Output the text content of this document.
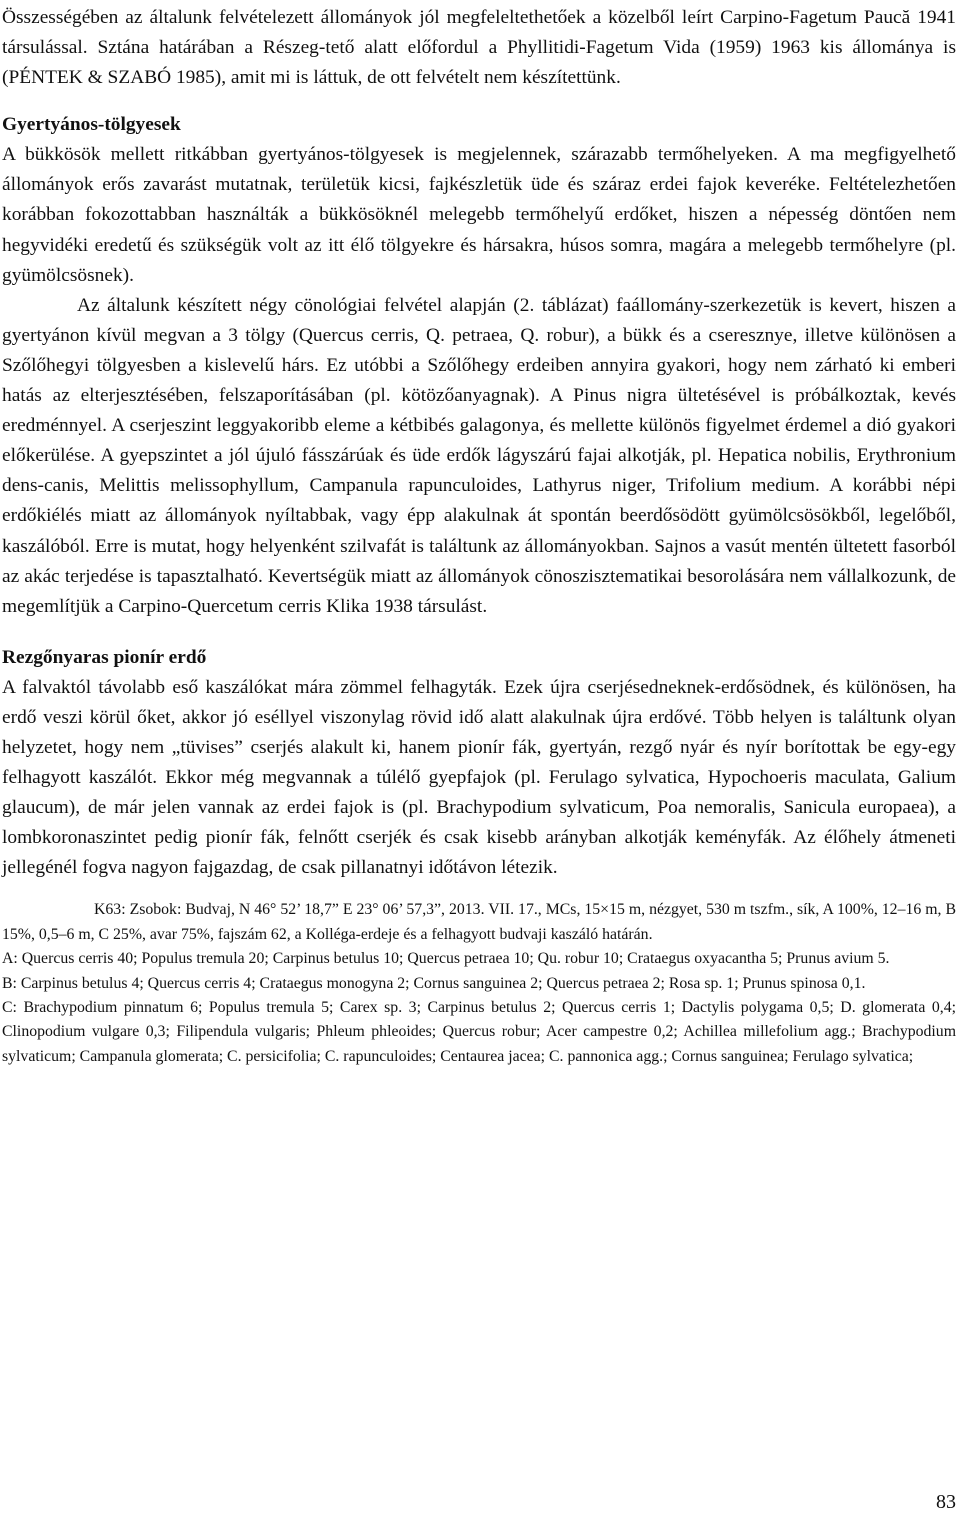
Összességében az általunk felvételezett állományok jól megfeleltethetőek a közelből leírt Carpino-Fagetum Paucă 1941 társulással. Sztána határában a Részeg-tető alatt előfordul a Phyllitidi-Fagetum Vida (1959) 1963 kis állománya is (PÉNTEK & SZABÓ 1985), amit mi is láttuk, de ott felvételt nem készítettünk.

Gyertyános-tölgyesek

A bükkösök mellett ritkábban gyertyános-tölgyesek is megjelennek, szárazabb termőhelyeken. A ma megfigyelhető állományok erős zavarást mutatnak, területük kicsi, fajkészletük üde és száraz erdei fajok keveréke. Feltételezhetően korábban fokozottabban használták a bükkösöknél melegebb termőhelyű erdőket, hiszen a népesség döntően nem hegyvidéki eredetű és szükségük volt az itt élő tölgyekre és hársakra, húsos somra, magára a melegebb termőhelyre (pl. gyümölcsösnek).

Az általunk készített négy cönológiai felvétel alapján (2. táblázat) faállomány-szerkezetük is kevert, hiszen a gyertyánon kívül megvan a 3 tölgy (Quercus cerris, Q. petraea, Q. robur), a bükk és a cseresznye, illetve különösen a Szőlőhegyi tölgyesben a kislevelű hárs. Ez utóbbi a Szőlőhegy erdeiben annyira gyakori, hogy nem zárható ki emberi hatás az elterjesztésében, felszaporításában (pl. kötözőanyagnak). A Pinus nigra ültetésével is próbálkoztak, kevés eredménnyel. A cserjeszint leggyakoribb eleme a kétbibés galagonya, és mellette különös figyelmet érdemel a dió gyakori előkerülése. A gyepszintet a jól újuló fásszárúak és üde erdők lágyszárú fajai alkotják, pl. Hepatica nobilis, Erythronium dens-canis, Melittis melissophyllum, Campanula rapunculoides, Lathyrus niger, Trifolium medium. A korábbi népi erdőkiélés miatt az állományok nyíltabbak, vagy épp alakulnak át spontán beerdősödött gyümölcsösökből, legelőből, kaszálóból. Erre is mutat, hogy helyenként szilvafát is találtunk az állományokban. Sajnos a vasút mentén ültetett fasorból az akác terjedése is tapasztalható. Kevertségük miatt az állományok cönoszisztematikai besorolására nem vállalkozunk, de megemlítjük a Carpino-Quercetum cerris Klika 1938 társulást.

Rezgőnyaras pionír erdő

A falvaktól távolabb eső kaszálókat mára zömmel felhagyták. Ezek újra cserjésedneknek-erdősödnek, és különösen, ha erdő veszi körül őket, akkor jó eséllyel viszonylag rövid idő alatt alakulnak újra erdővé. Több helyen is találtunk olyan helyzetet, hogy nem „tüvises” cserjés alakult ki, hanem pionír fák, gyertyán, rezgő nyár és nyír borítottak be egy-egy felhagyott kaszálót. Ekkor még megvannak a túlélő gyepfajok (pl. Ferulago sylvatica, Hypochoeris maculata, Galium glaucum), de már jelen vannak az erdei fajok is (pl. Brachypodium sylvaticum, Poa nemoralis, Sanicula europaea), a lombkoronaszintet pedig pionír fák, felnőtt cserjék és csak kisebb arányban alkotják keményfák. Az élőhely átmeneti jellegénél fogva nagyon fajgazdag, de csak pillanatnyi időtávon létezik.

K63: Zsobok: Budvaj, N 46° 52’ 18,7” E 23° 06’ 57,3”, 2013. VII. 17., MCs, 15×15 m, nézgyet, 530 m tszfm., sík, A 100%, 12–16 m, B 15%, 0,5–6 m, C 25%, avar 75%, fajszám 62, a Kolléga-erdeje és a felhagyott budvaji kaszáló határán.

A: Quercus cerris 40; Populus tremula 20; Carpinus betulus 10; Quercus petraea 10; Qu. robur 10; Crataegus oxyacantha 5; Prunus avium 5.

B: Carpinus betulus 4; Quercus cerris 4; Crataegus monogyna 2; Cornus sanguinea 2; Quercus petraea 2; Rosa sp. 1; Prunus spinosa 0,1.

C: Brachypodium pinnatum 6; Populus tremula 5; Carex sp. 3; Carpinus betulus 2; Quercus cerris 1; Dactylis polygama 0,5; D. glomerata 0,4; Clinopodium vulgare 0,3; Filipendula vulgaris; Phleum phleoides; Quercus robur; Acer campestre 0,2; Achillea millefolium agg.; Brachypodium sylvaticum; Campanula glomerata; C. persicifolia; C. rapunculoides; Centaurea jacea; C. pannonica agg.; Cornus sanguinea; Ferulago sylvatica;

83
